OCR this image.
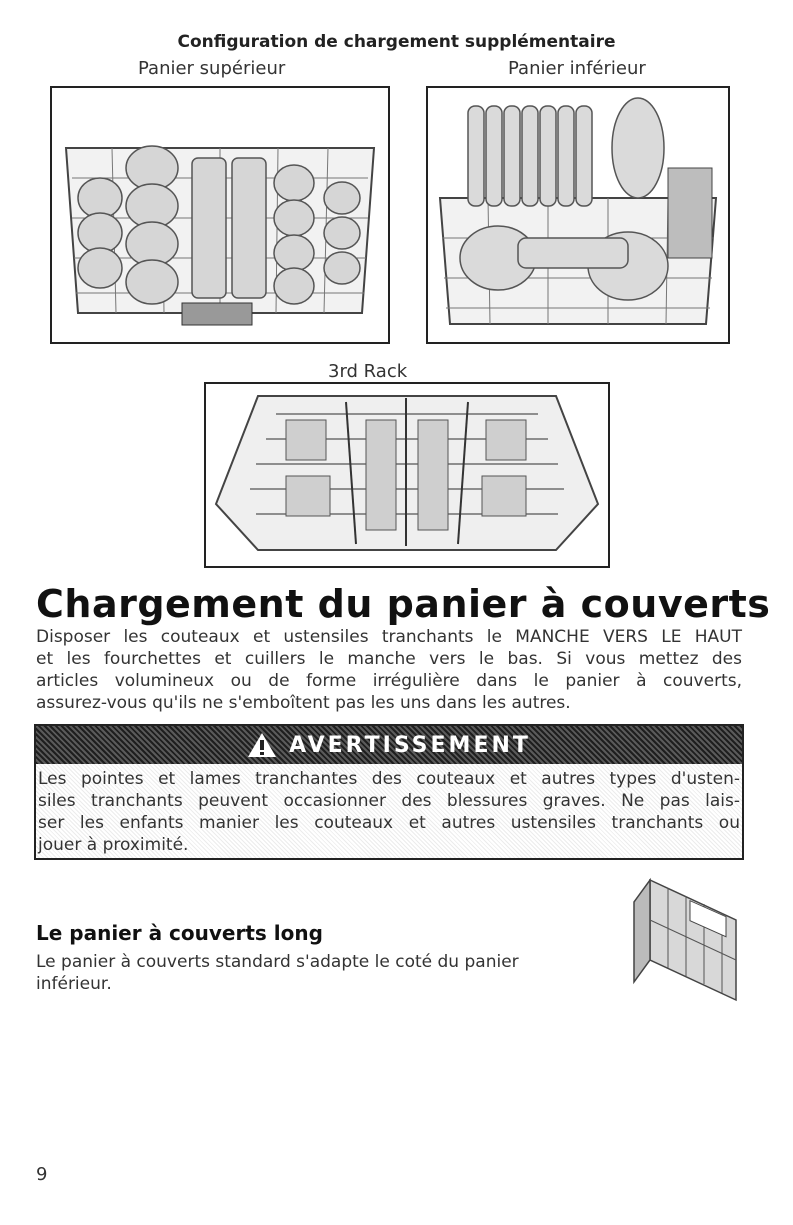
Configuration de chargement supplémentaire
Panier supérieur	Panier inférieur
3rd Rack
Chargement du panier à couverts
Disposer les couteaux et ustensiles tranchants le MANCHE VERS LE HAUT
et les fourchettes et cuillers le manche vers le bas. Si vous mettez des
articles volumineux ou de forme irrégulière dans le panier à couverts,
assurez-vous qu'ils ne s'emboîtent pas les uns dans les autres.
AVERTISSEMENT
Les pointes et lames tranchantes des couteaux et autres types d'usten-
siles tranchants peuvent occasionner des blessures graves. Ne pas lais-
ser les enfants manier les couteaux et autres ustensiles tranchants ou
jouer à proximité.
Le panier à couverts long
Le panier à couverts standard s'adapte le coté du panier
inférieur.
9
